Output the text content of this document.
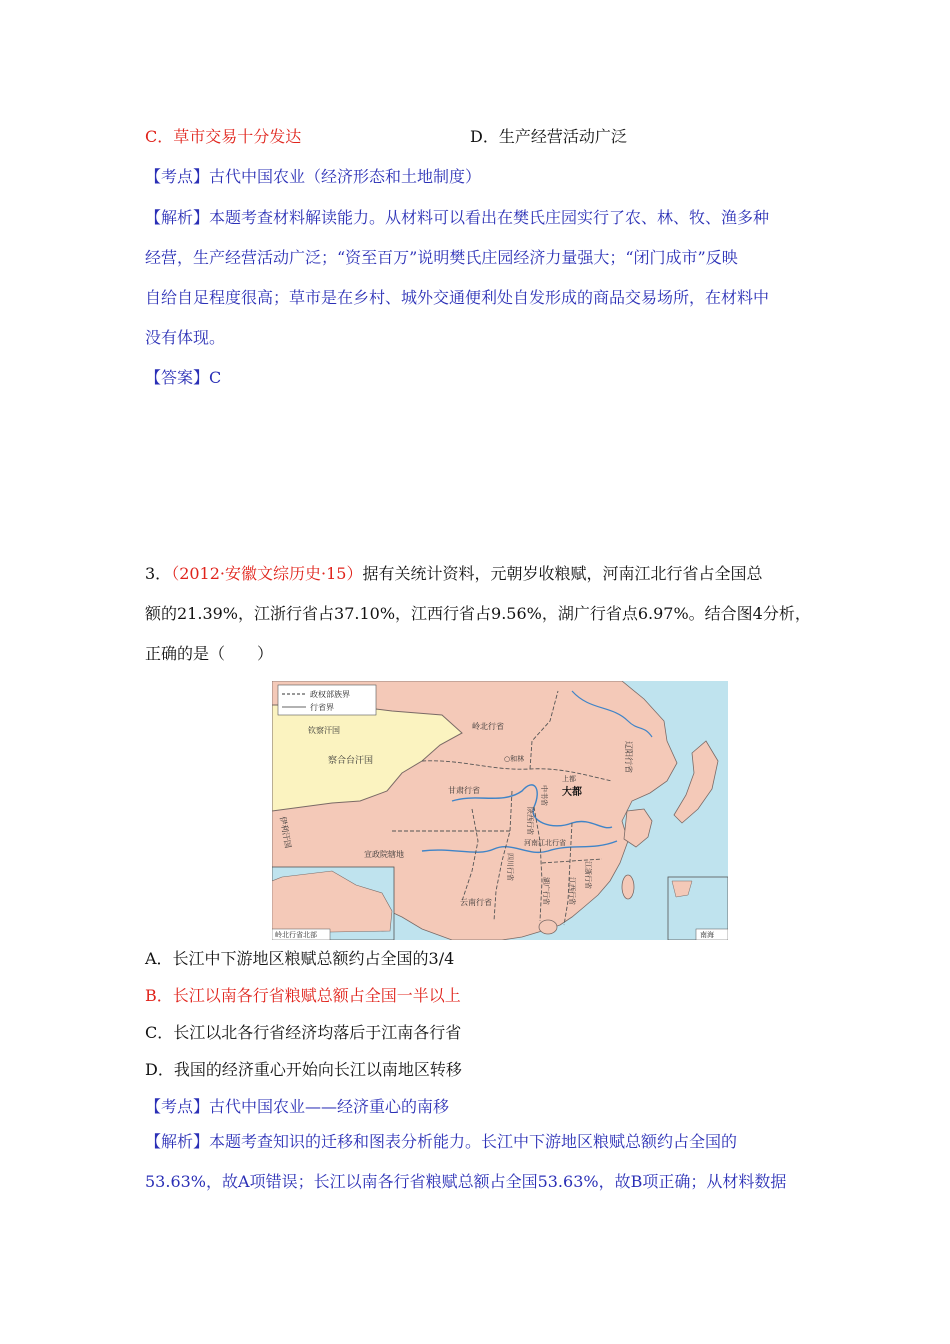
C．草市交易十分发达	D．生产经营活动广泛
【考点】古代中国农业（经济形态和土地制度）
【解析】本题考查材料解读能力。从材料可以看出在樊氏庄园实行了农、林、牧、渔多种
经营，生产经营活动广泛；“资至百万”说明樊氏庄园经济力量强大；“闭门成市”反映
自给自足程度很高；草市是在乡村、城外交通便利处自发形成的商品交易场所，在材料中
没有体现。
【答案】C
3．（2012·安徽文综历史·15）据有关统计资料，元朝岁收粮赋，河南江北行省占全国总
额的21.39%，江浙行省占37.10%，江西行省占9.56%，湖广行省点6.97%。结合图4分析，
正确的是（　　）
政权部族界
行省界
岭北行省北部	南海
钦察汗国
察合台汗国
伊利汗国
岭北行省
○和林	辽阳行省
上都
大都
中书省
甘肃行省
陕西行省
河南江北行省
四川行省
宣政院辖地
云南行省	湖广行省	江西行省
江浙行省
A．长江中下游地区粮赋总额约占全国的3/4
B．长江以南各行省粮赋总额占全国一半以上
C．长江以北各行省经济均落后于江南各行省
D．我国的经济重心开始向长江以南地区转移
【考点】古代中国农业——经济重心的南移
【解析】本题考查知识的迁移和图表分析能力。长江中下游地区粮赋总额约占全国的
53.63%，故A项错误；长江以南各行省粮赋总额占全国53.63%，故B项正确；从材料数据
